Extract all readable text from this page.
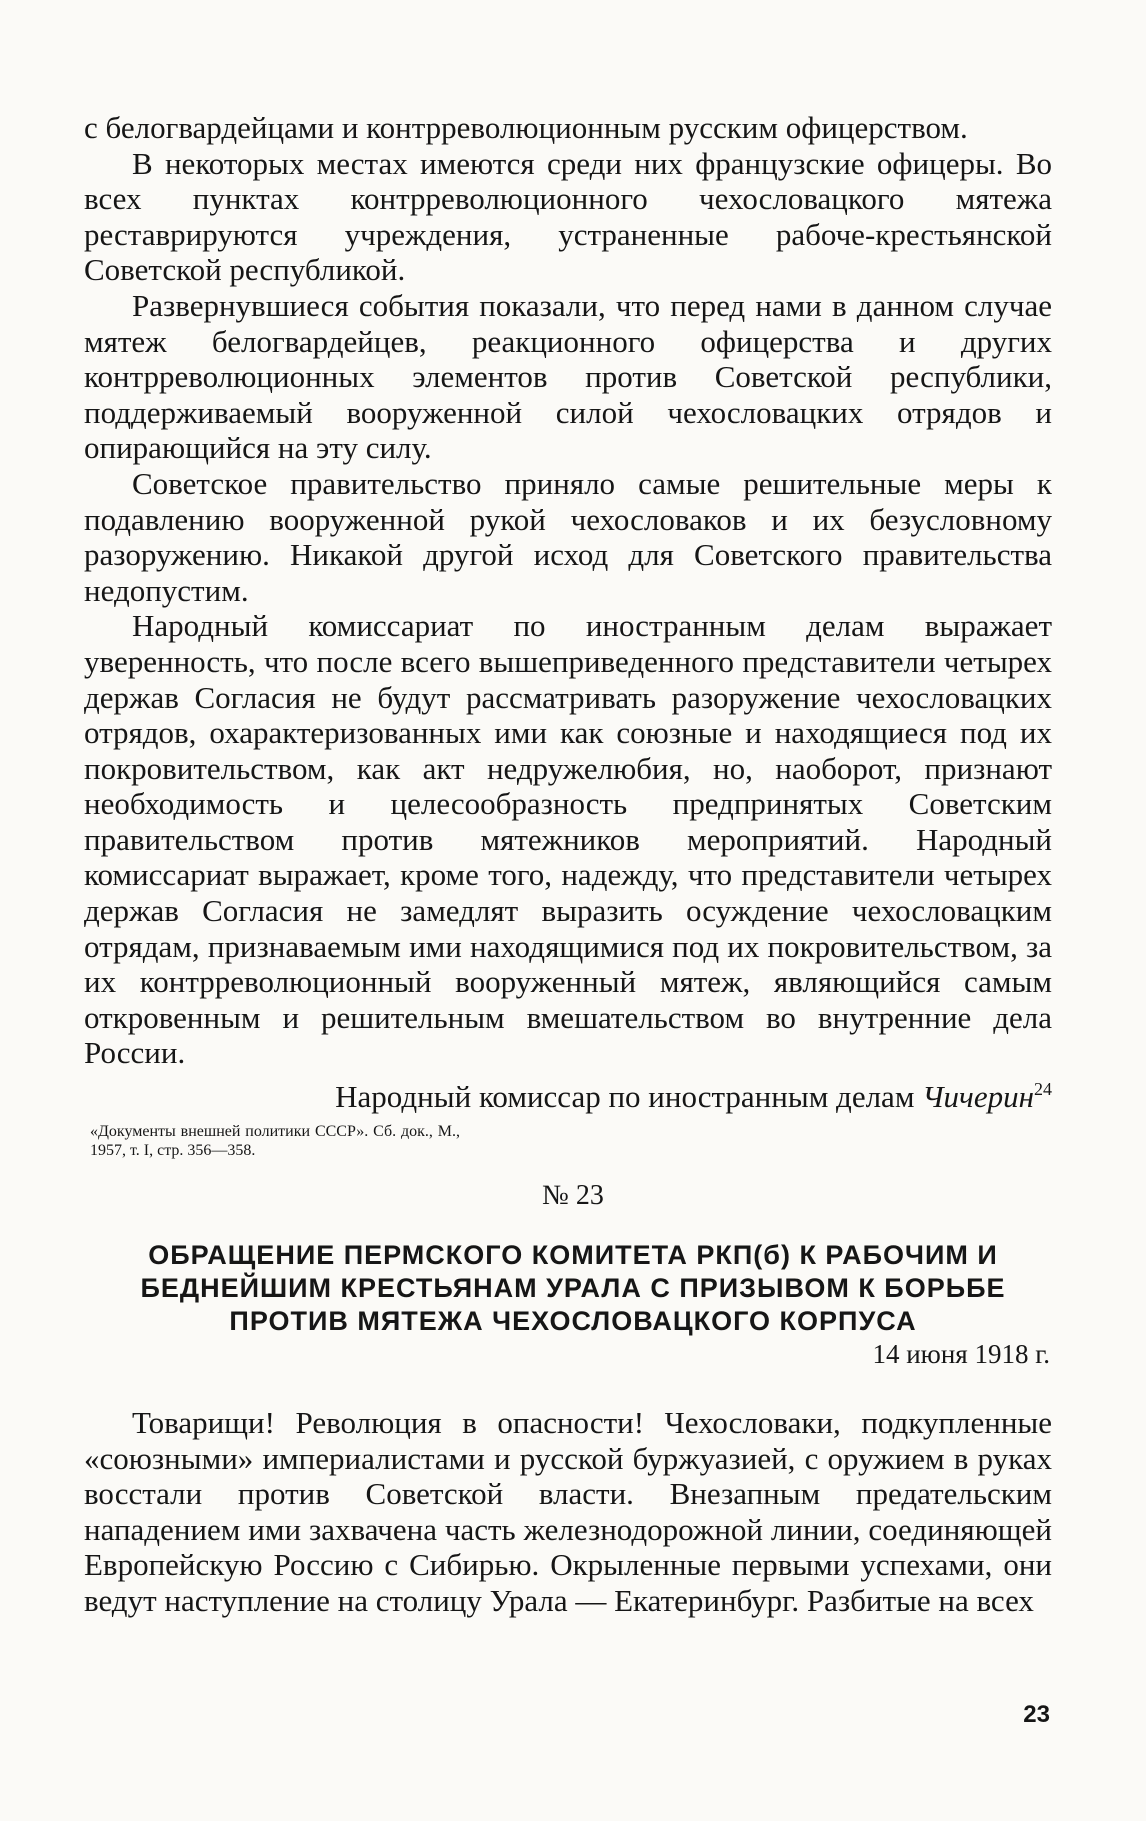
с белогвардейцами и контрреволюционным русским офицерством.

В некоторых местах имеются среди них французские офицеры. Во всех пунктах контрреволюционного чехословацкого мятежа реставрируются учреждения, устраненные рабоче-крестьянской Советской республикой.

Развернувшиеся события показали, что перед нами в данном случае мятеж белогвардейцев, реакционного офицерства и других контрреволюционных элементов против Советской республики, поддерживаемый вооруженной силой чехословацких отрядов и опирающийся на эту силу.

Советское правительство приняло самые решительные меры к подавлению вооруженной рукой чехословаков и их безусловному разоружению. Никакой другой исход для Советского правительства недопустим.

Народный комиссариат по иностранным делам выражает уверенность, что после всего вышеприведенного представители четырех держав Согласия не будут рассматривать разоружение чехословацких отрядов, охарактеризованных ими как союзные и находящиеся под их покровительством, как акт недружелюбия, но, наоборот, признают необходимость и целесообразность предпринятых Советским правительством против мятежников мероприятий. Народный комиссариат выражает, кроме того, надежду, что представители четырех держав Согласия не замедлят выразить осуждение чехословацким отрядам, признаваемым ими находящимися под их покровительством, за их контрреволюционный вооруженный мятеж, являющийся самым откровенным и решительным вмешательством во внутренние дела России.

Народный комиссар по иностранным делам Чичерин$^{24}$

«Документы внешней политики СССР». Сб. док., М., 1957, т. I, стр. 356—358.

№ 23

ОБРАЩЕНИЕ ПЕРМСКОГО КОМИТЕТА РКП(б) К РАБОЧИМ И БЕДНЕЙШИМ КРЕСТЬЯНАМ УРАЛА С ПРИЗЫВОМ К БОРЬБЕ ПРОТИВ МЯТЕЖА ЧЕХОСЛОВАЦКОГО КОРПУСА

14 июня 1918 г.

Товарищи! Революция в опасности! Чехословаки, подкупленные «союзными» империалистами и русской буржуазией, с оружием в руках восстали против Советской власти. Внезапным предательским нападением ими захвачена часть железнодорожной линии, соединяющей Европейскую Россию с Сибирью. Окрыленные первыми успехами, они ведут наступление на столицу Урала — Екатеринбург. Разбитые на всех

23
